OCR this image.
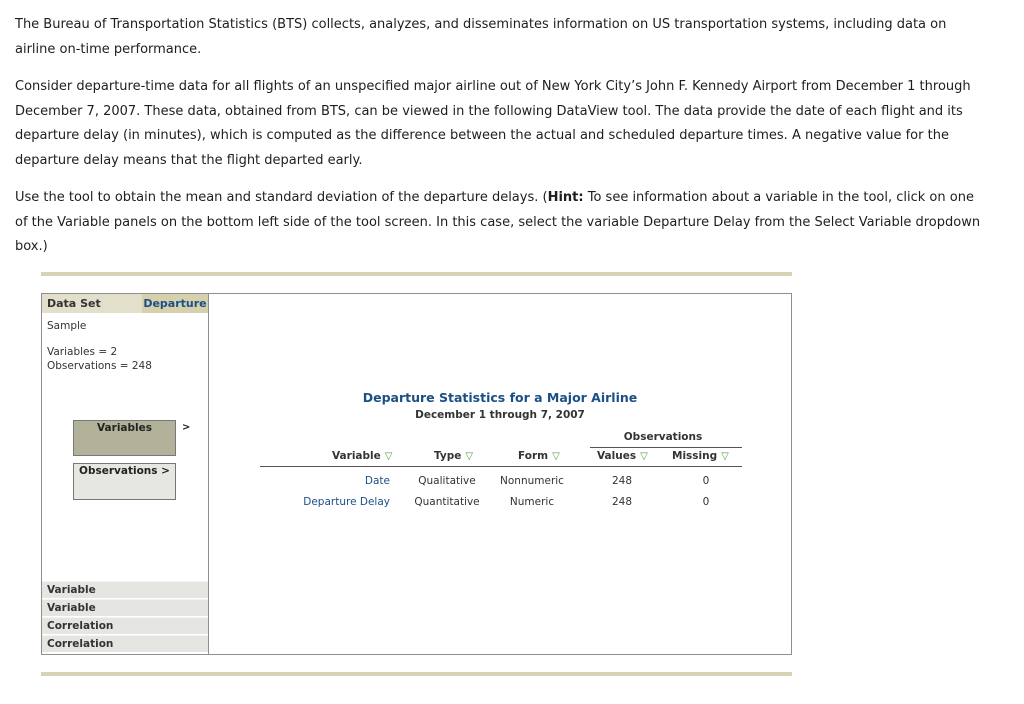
The Bureau of Transportation Statistics (BTS) collects, analyzes, and disseminates information on US transportation systems, including data on airline on-time performance.

Consider departure-time data for all flights of an unspecified major airline out of New York City’s John F. Kennedy Airport from December 1 through December 7, 2007. These data, obtained from BTS, can be viewed in the following DataView tool. The data provide the date of each flight and its departure delay (in minutes), which is computed as the difference between the actual and scheduled departure times. A negative value for the departure delay means that the flight departed early.

Use the tool to obtain the mean and standard deviation of the departure delays. (Hint: To see information about a variable in the tool, click on one of the Variable panels on the bottom left side of the tool screen. In this case, select the variable Departure Delay from the Select Variable dropdown box.)

Data Set	Departure
Sample
Variables = 2
Observations = 248
Variables	>
Observations >
Variable
Variable
Correlation
Correlation
Departure Statistics for a Major Airline
December 1 through 7, 2007
Observations
Variable ▽	Type ▽	Form ▽	Values ▽ Missing ▽
Date	Qualitative	Nonnumeric	248	0
Departure Delay	Quantitative	Numeric	248	0
